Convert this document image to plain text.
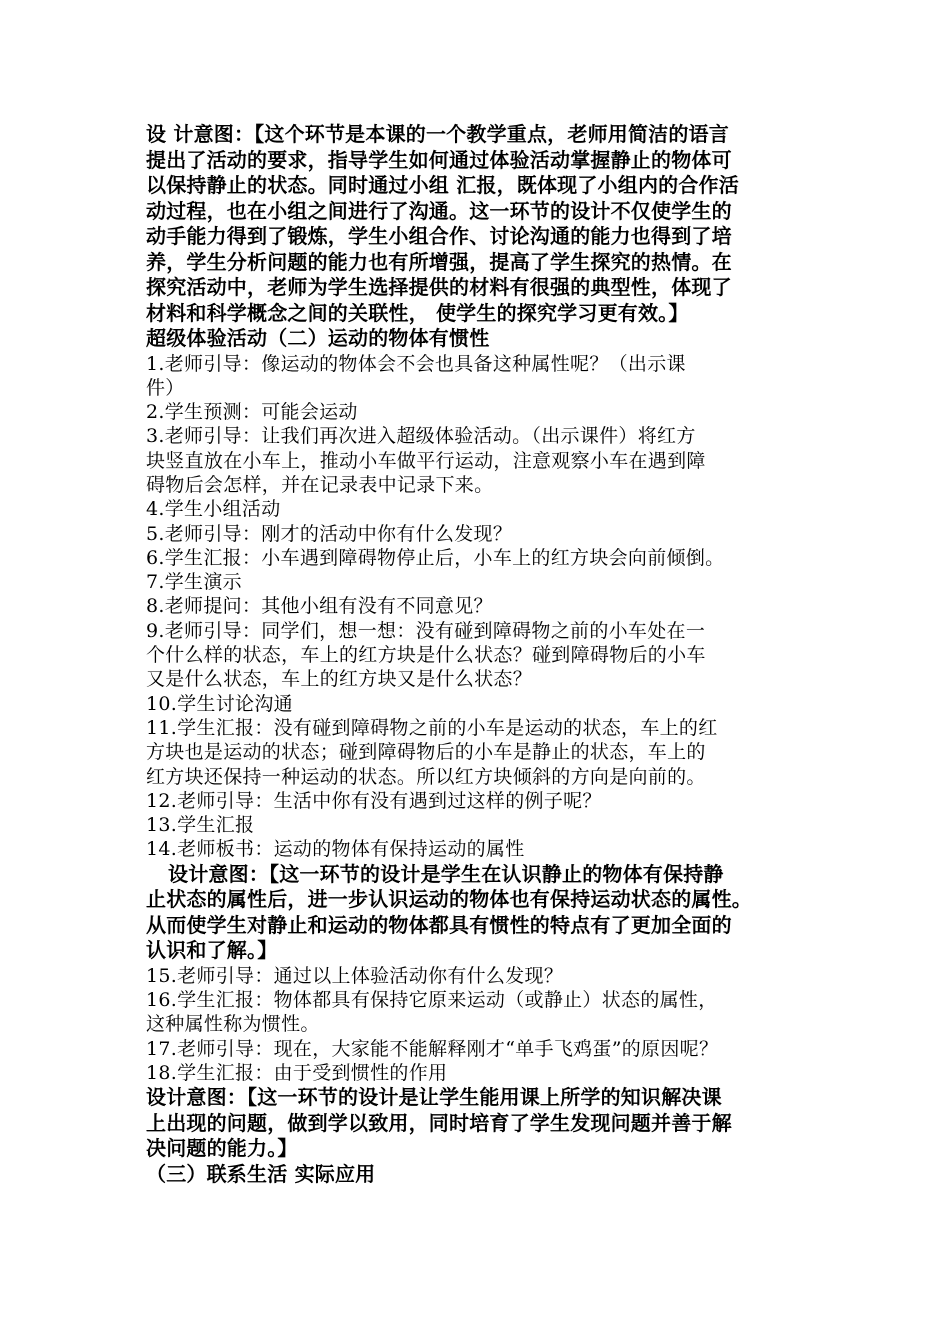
设 计意图：【这个环节是本课的一个教学重点，老师用简洁的语言

提出了活动的要求，指导学生如何通过体验活动掌握静止的物体可

以保持静止的状态。同时通过小组 汇报，既体现了小组内的合作活

动过程，也在小组之间进行了沟通。这一环节的设计不仅使学生的

动手能力得到了锻炼，学生小组合作、讨论沟通的能力也得到了培

养，学生分析问题的能力也有所增强，提高了学生探究的热情。在

探究活动中，老师为学生选择提供的材料有很强的典型性，体现了

材料和科学概念之间的关联性， 使学生的探究学习更有效。】

超级体验活动（二）运动的物体有惯性

1.老师引导：像运动的物体会不会也具备这种属性呢？（出示课

件）

2.学生预测：可能会运动

3.老师引导：让我们再次进入超级体验活动。（出示课件）将红方

块竖直放在小车上，推动小车做平行运动，注意观察小车在遇到障

碍物后会怎样，并在记录表中记录下来。

4.学生小组活动

5.老师引导：刚才的活动中你有什么发现？

6.学生汇报：小车遇到障碍物停止后，小车上的红方块会向前倾倒。

7.学生演示

8.老师提问：其他小组有没有不同意见？

9.老师引导：同学们，想一想：没有碰到障碍物之前的小车处在一

个什么样的状态，车上的红方块是什么状态？碰到障碍物后的小车

又是什么状态，车上的红方块又是什么状态？

10.学生讨论沟通

11.学生汇报：没有碰到障碍物之前的小车是运动的状态，车上的红

方块也是运动的状态；碰到障碍物后的小车是静止的状态，车上的

红方块还保持一种运动的状态。所以红方块倾斜的方向是向前的。

12.老师引导：生活中你有没有遇到过这样的例子呢？

13.学生汇报

14.老师板书：运动的物体有保持运动的属性

设计意图：【这一环节的设计是学生在认识静止的物体有保持静

止状态的属性后，进一步认识运动的物体也有保持运动状态的属性。

从而使学生对静止和运动的物体都具有惯性的特点有了更加全面的

认识和了解。】

15.老师引导：通过以上体验活动你有什么发现？

16.学生汇报：物体都具有保持它原来运动（或静止）状态的属性，

这种属性称为惯性。

17.老师引导：现在，大家能不能解释刚才“单手飞鸡蛋”的原因呢？

18.学生汇报：由于受到惯性的作用

设计意图：【这一环节的设计是让学生能用课上所学的知识解决课

上出现的问题，做到学以致用，同时培育了学生发现问题并善于解

决问题的能力。】

（三）联系生活 实际应用
